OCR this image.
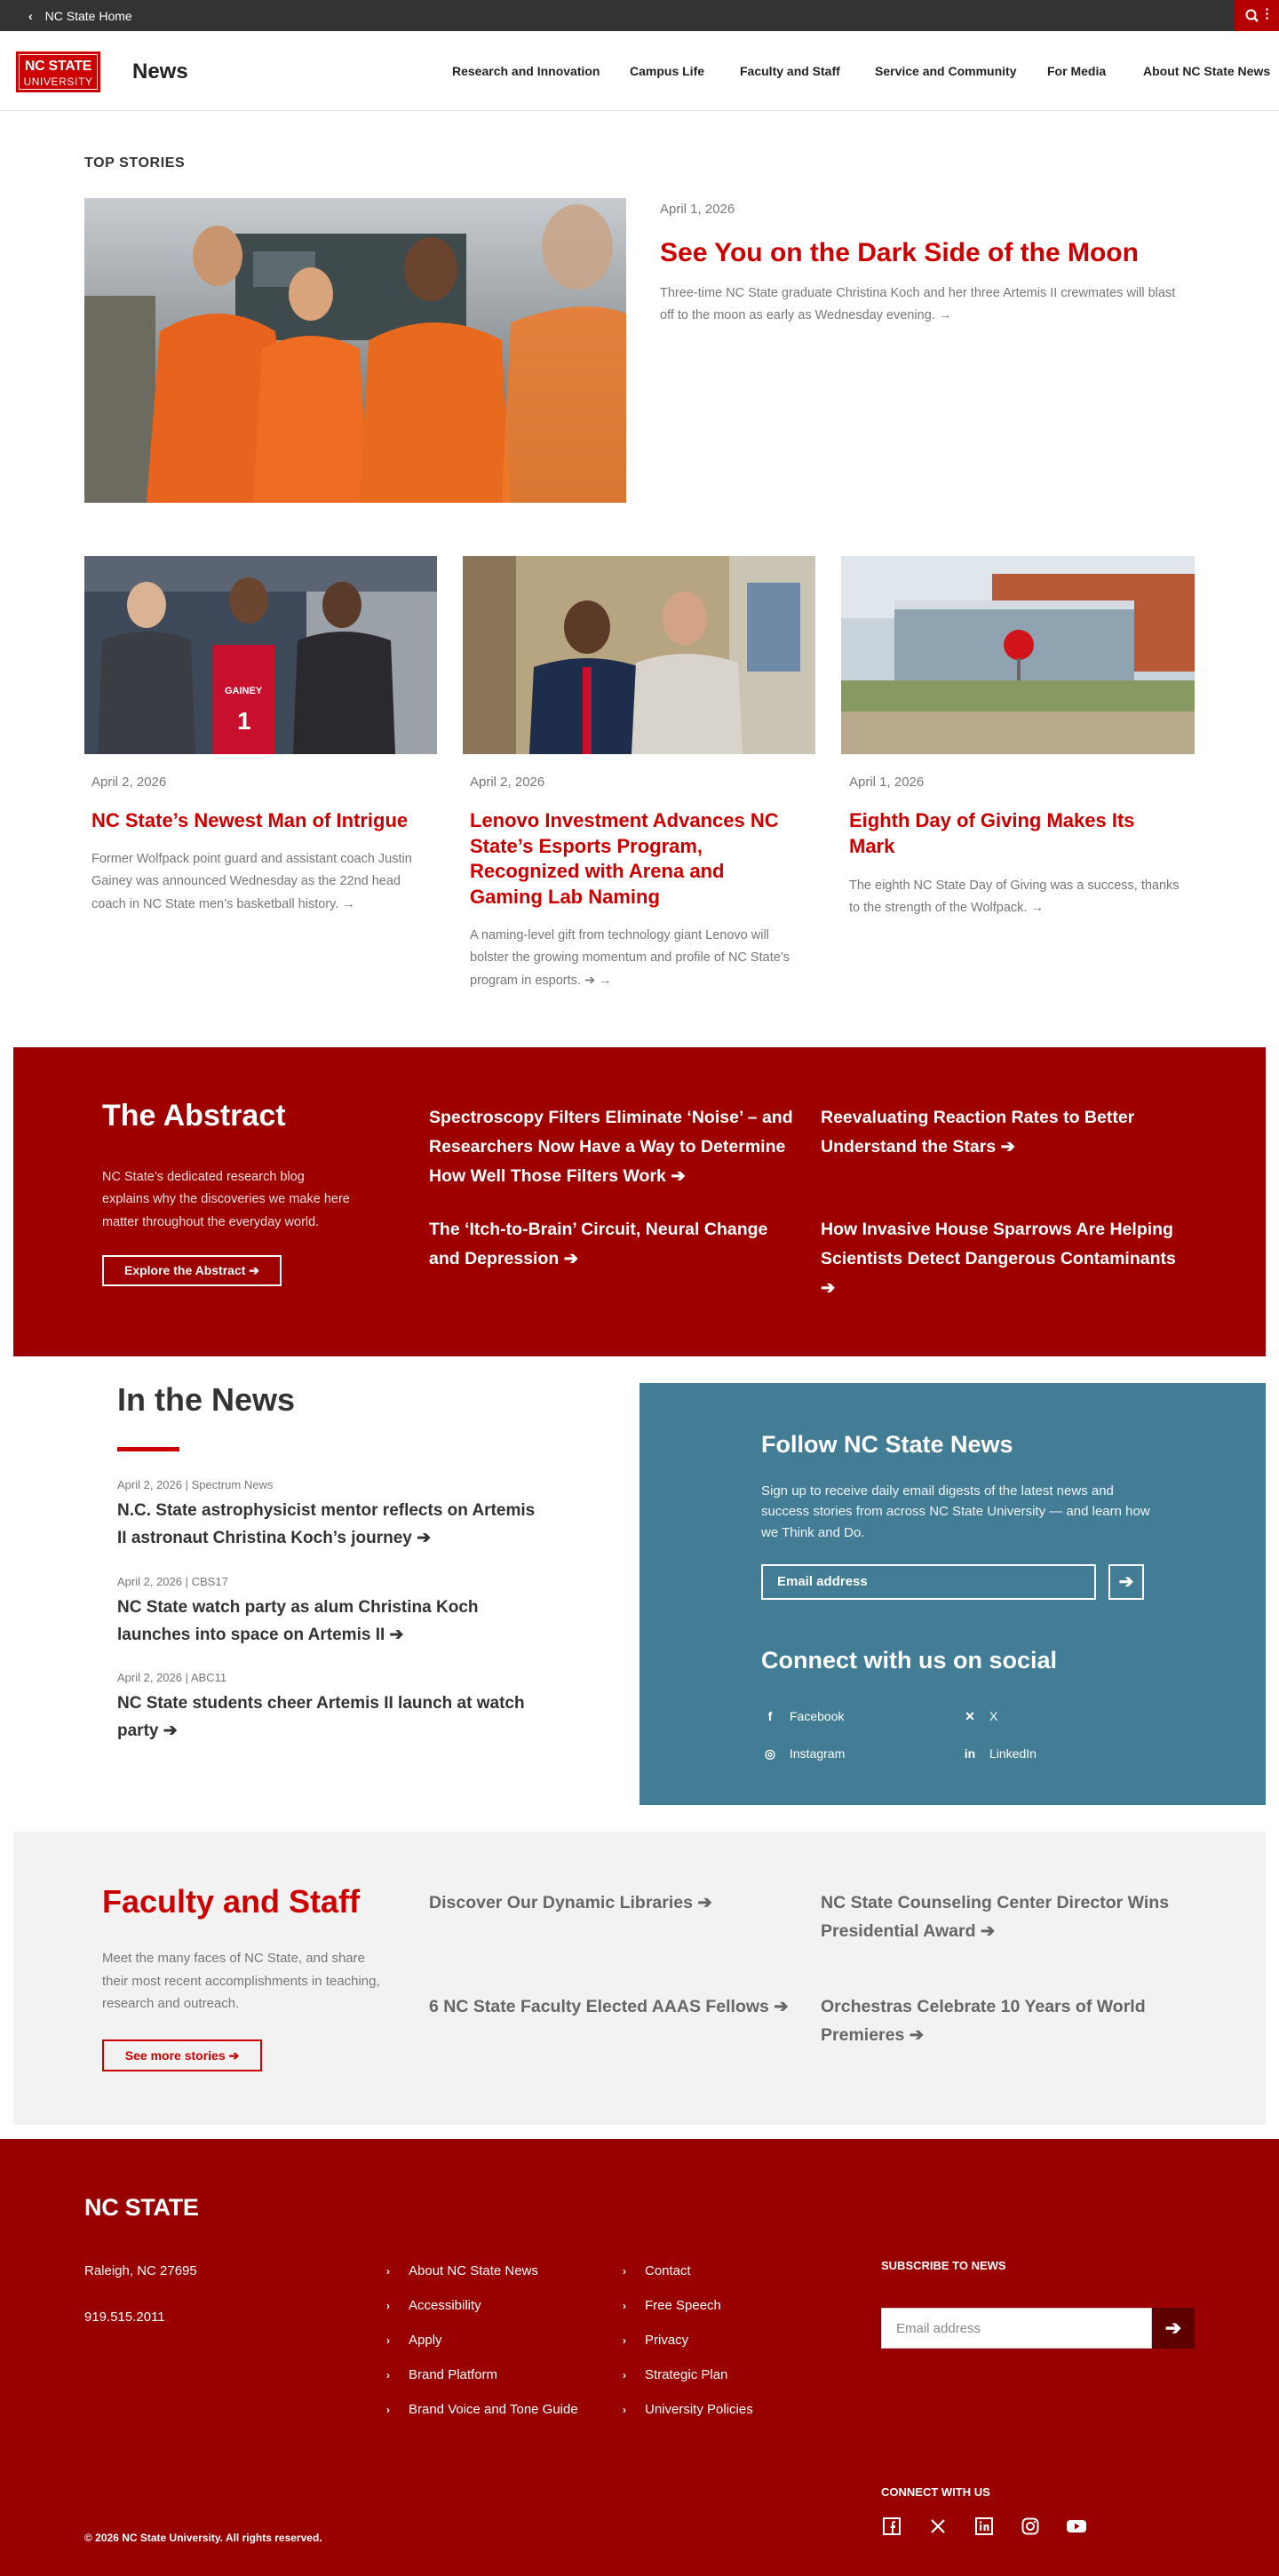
‹ NC State Home

NC STATE
UNIVERSITY News	Research and Innovation Campus Life	Faculty and Staff	Service and Community For Media	About NC State News
TOP STORIES
April 1, 2026
See You on the Dark Side of the Moon
Three-time NC State graduate Christina Koch and her three Artemis II crewmates will blast off to the moon as early as Wednesday evening. →
GAINEY
1
April 2, 2026
NC State’s Newest Man of Intrigue
Former Wolfpack point guard and assistant coach Justin Gainey was announced Wednesday as the 22nd head coach in NC State men’s basketball history. →
April 2, 2026
Lenovo Investment Advances NC State’s Esports Program, Recognized with Arena and Gaming Lab Naming
A naming-level gift from technology giant Lenovo will bolster the growing momentum and profile of NC State’s program in esports. ➔ →
April 1, 2026
Eighth Day of Giving Makes Its Mark
The eighth NC State Day of Giving was a success, thanks to the strength of the Wolfpack. →
The Abstract
NC State’s dedicated research blog explains why the discoveries we make here matter throughout the everyday world.
Explore the Abstract ➔
Spectroscopy Filters Eliminate ‘Noise’ – and Researchers Now Have a Way to Determine How Well Those Filters Work ➔
Reevaluating Reaction Rates to Better Understand the Stars ➔
The ‘Itch-to-Brain’ Circuit, Neural Change and Depression ➔
How Invasive House Sparrows Are Helping Scientists Detect Dangerous Contaminants ➔
In the News
April 2, 2026 | Spectrum News
N.C. State astrophysicist mentor reflects on Artemis II astronaut Christina Koch’s journey ➔
April 2, 2026 | CBS17
NC State watch party as alum Christina Koch launches into space on Artemis II ➔
April 2, 2026 | ABC11
NC State students cheer Artemis II launch at watch party ➔
Follow NC State News
Sign up to receive daily email digests of the latest news and success stories from across NC State University — and learn how we Think and Do.
Email address	➔
Connect with us on social
f Facebook	✕ X
◎ Instagram	in LinkedIn
Faculty and Staff
Meet the many faces of NC State, and share their most recent accomplishments in teaching, research and outreach.
See more stories ➔
Discover Our Dynamic Libraries ➔	NC State Counseling Center Director Wins Presidential Award ➔
6 NC State Faculty Elected AAAS Fellows ➔ Orchestras Celebrate 10 Years of World Premieres ➔
NC STATE
Raleigh, NC 27695
919.515.2011
› About NC State News
› Accessibility
› Apply
› Brand Platform
› Brand Voice and Tone Guide
› Contact
› Free Speech
› Privacy
› Strategic Plan
› University Policies
SUBSCRIBE TO NEWS
Email address	➔
CONNECT WITH US
© 2026 NC State University. All rights reserved.
